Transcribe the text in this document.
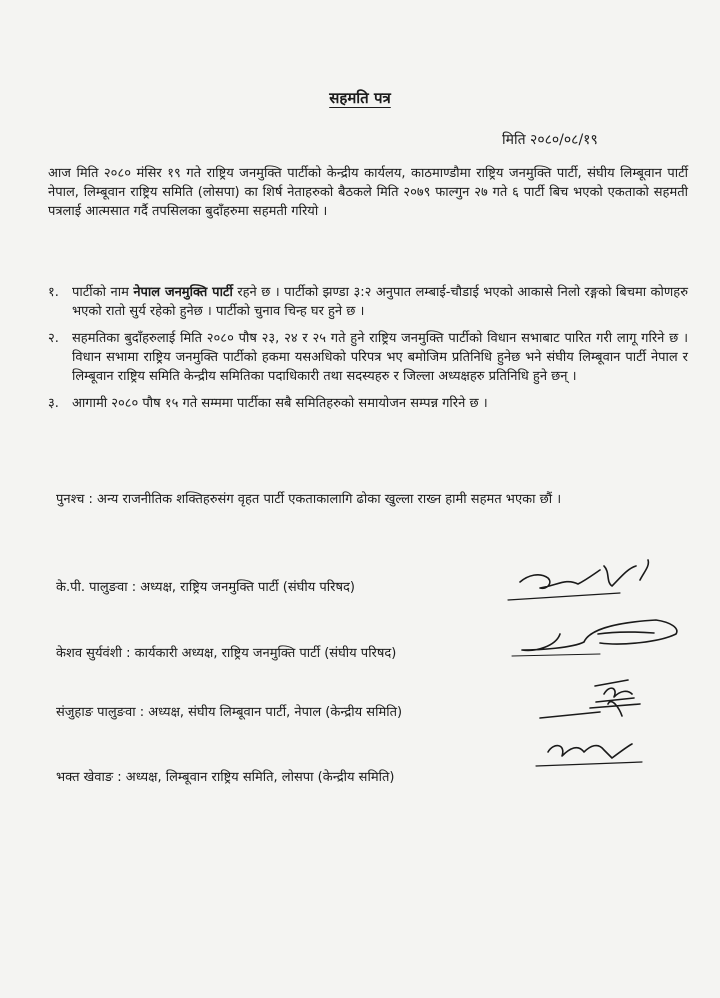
सहमति पत्र
मिति २०८०/०८/१९
आज मिति २०८० मंसिर १९ गते राष्ट्रिय जनमुक्ति पार्टीको केन्द्रीय कार्यलय, काठमाण्डौमा राष्ट्रिय जनमुक्ति पार्टी, संघीय लिम्बूवान पार्टी नेपाल, लिम्बूवान राष्ट्रिय समिति (लोसपा) का शिर्ष नेताहरुको बैठकले मिति २०७९ फाल्गुन २७ गते ६ पार्टी बिच भएको एकताको सहमती पत्रलाई आत्मसात गर्दै तपसिलका बुदाँहरुमा सहमती गरियो ।
१. पार्टीको नाम नेपाल जनमुक्ति पार्टी रहने छ । पार्टीको झण्डा ३:२ अनुपात लम्बाई-चौडाई भएको आकासे निलो रङ्गको बिचमा कोणहरु भएको रातो सुर्य रहेको हुनेछ । पार्टीको चुनाव चिन्ह घर हुने छ ।
२. सहमतिका बुदाँहरुलाई मिति २०८० पौष २३, २४ र २५ गते हुने राष्ट्रिय जनमुक्ति पार्टीको विधान सभाबाट पारित गरी लागू गरिने छ । विधान सभामा राष्ट्रिय जनमुक्ति पार्टीको हकमा यसअधिको परिपत्र भए बमोजिम प्रतिनिधि हुनेछ भने संघीय लिम्बूवान पार्टी नेपाल र लिम्बूवान राष्ट्रिय समिति केन्द्रीय समितिका पदाधिकारी तथा सदस्यहरु र जिल्ला अध्यक्षहरु प्रतिनिधि हुने छन् ।
३. आगामी २०८० पौष १५ गते सम्ममा पार्टीका सबै समितिहरुको समायोजन सम्पन्न गरिने छ ।
पुनश्च : अन्य राजनीतिक शक्तिहरुसंग वृहत पार्टी एकताकालागि ढोका खुल्ला राख्न हामी सहमत भएका छौं ।
के.पी. पालुङवा : अध्यक्ष, राष्ट्रिय जनमुक्ति पार्टी (संघीय परिषद)
केशव सुर्यवंशी : कार्यकारी अध्यक्ष, राष्ट्रिय जनमुक्ति पार्टी (संघीय परिषद)
संजुहाङ पालुङवा : अध्यक्ष, संघीय लिम्बूवान पार्टी, नेपाल (केन्द्रीय समिति)
भक्त खेवाङ : अध्यक्ष, लिम्बूवान राष्ट्रिय समिति, लोसपा (केन्द्रीय समिति)
